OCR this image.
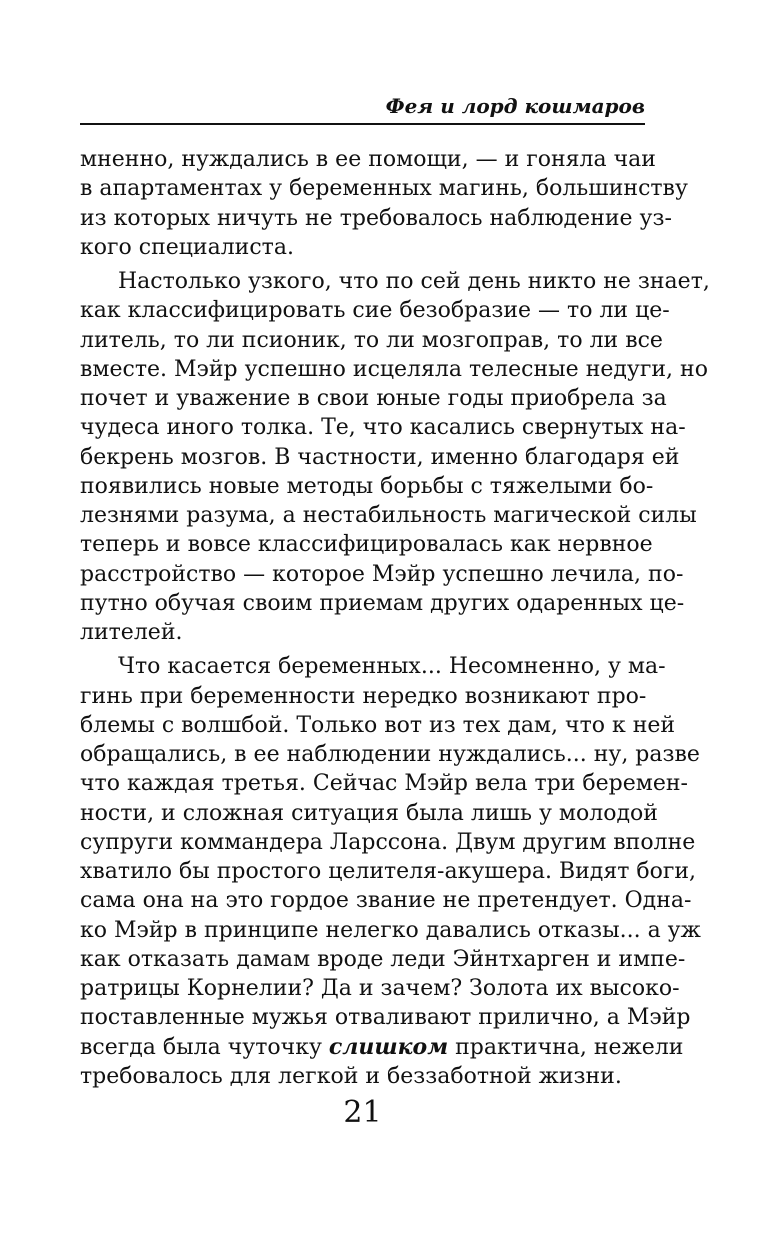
Фея и лорд кошмаров
мненно, нуждались в ее помощи, — и гоняла чаи
в апартаментах у беременных магинь, большинству
из которых ничуть не требовалось наблюдение уз-
кого специалиста.
Настолько узкого, что по сей день никто не знает,
как классифицировать сие безобразие — то ли це-
литель, то ли псионик, то ли мозгоправ, то ли все
вместе. Мэйр успешно исцеляла телесные недуги, но
почет и уважение в свои юные годы приобрела за
чудеса иного толка. Те, что касались свернутых на-
бекрень мозгов. В частности, именно благодаря ей
появились новые методы борьбы с тяжелыми бо-
лезнями разума, а нестабильность магической силы
теперь и вовсе классифицировалась как нервное
расстройство — которое Мэйр успешно лечила, по-
путно обучая своим приемам других одаренных це-
лителей.
Что касается беременных... Несомненно, у ма-
гинь при беременности нередко возникают про-
блемы с волшбой. Только вот из тех дам, что к ней
обращались, в ее наблюдении нуждались... ну, разве
что каждая третья. Сейчас Мэйр вела три беремен-
ности, и сложная ситуация была лишь у молодой
супруги коммандера Ларссона. Двум другим вполне
хватило бы простого целителя-акушера. Видят боги,
сама она на это гордое звание не претендует. Одна-
ко Мэйр в принципе нелегко давались отказы... а уж
как отказать дамам вроде леди Эйнтхарген и импе-
ратрицы Корнелии? Да и зачем? Золота их высоко-
поставленные мужья отваливают прилично, а Мэйр
всегда была чуточку слишком практична, нежели
требовалось для легкой и беззаботной жизни.
21
